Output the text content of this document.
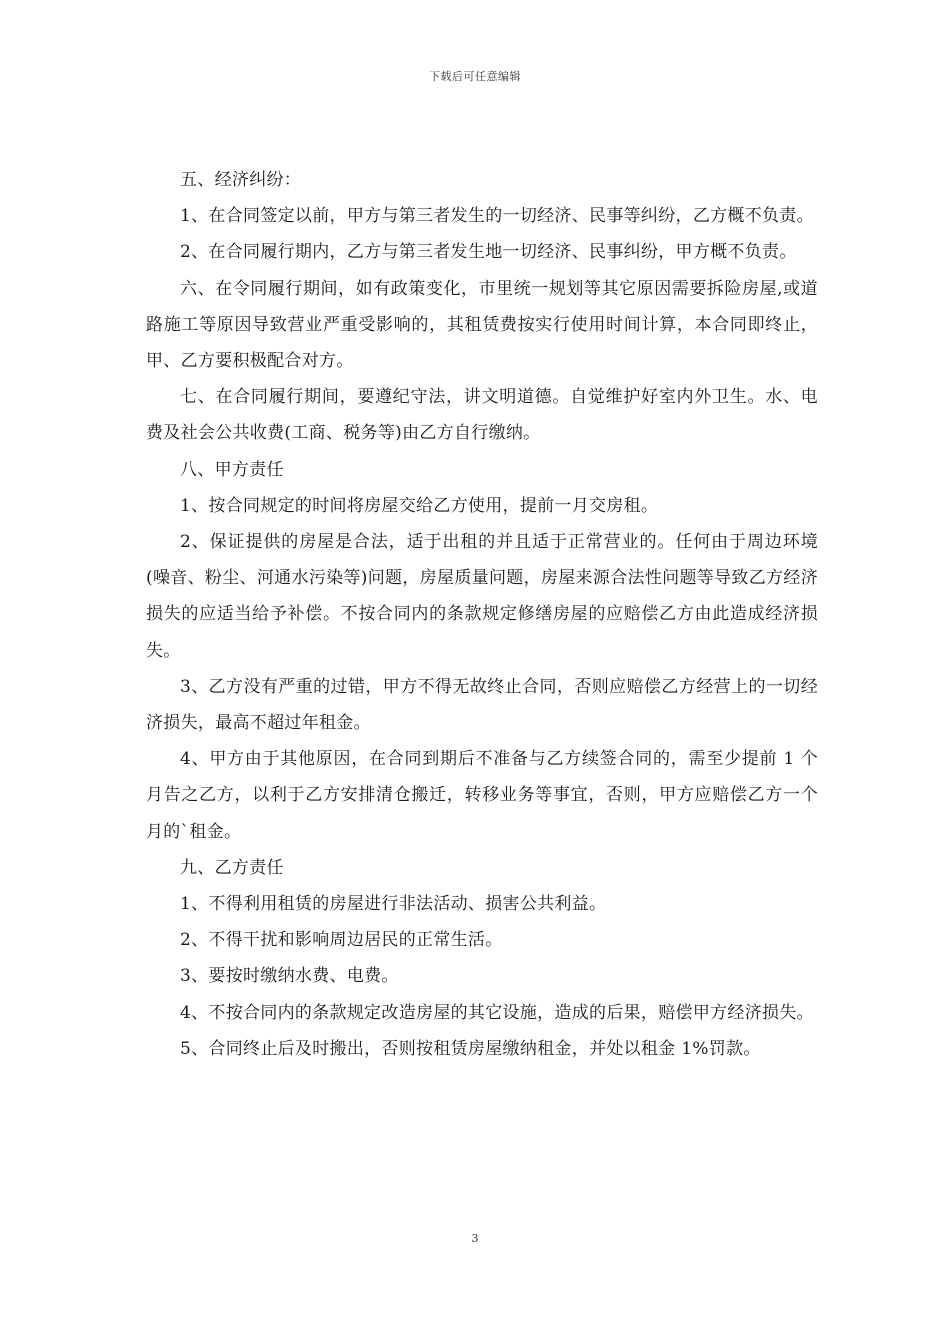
下载后可任意编辑

五、经济纠纷：

1、在合同签定以前，甲方与第三者发生的一切经济、民事等纠纷，乙方概不负责。

2、在合同履行期内，乙方与第三者发生地一切经济、民事纠纷，甲方概不负责。

六、在令同履行期间，如有政策变化，市里统一规划等其它原因需要拆险房屋,或道路施工等原因导致营业严重受影响的，其租赁费按实行使用时间计算，本合同即终止，甲、乙方要积极配合对方。

七、在合同履行期间，要遵纪守法，讲文明道德。自觉维护好室内外卫生。水、电费及社会公共收费(工商、税务等)由乙方自行缴纳。

八、甲方责任

1、按合同规定的时间将房屋交给乙方使用，提前一月交房租。

2、保证提供的房屋是合法，适于出租的并且适于正常营业的。任何由于周边环境(噪音、粉尘、河通水污染等)问题，房屋质量问题，房屋来源合法性问题等导致乙方经济损失的应适当给予补偿。不按合同内的条款规定修缮房屋的应赔偿乙方由此造成经济损失。

3、乙方没有严重的过错，甲方不得无故终止合同，否则应赔偿乙方经营上的一切经济损失，最高不超过年租金。

4、甲方由于其他原因，在合同到期后不准备与乙方续签合同的，需至少提前 1 个月告之乙方，以利于乙方安排清仓搬迁，转移业务等事宜，否则，甲方应赔偿乙方一个月的`租金。

九、乙方责任

1、不得利用租赁的房屋进行非法活动、损害公共利益。

2、不得干扰和影响周边居民的正常生活。

3、要按时缴纳水费、电费。

4、不按合同内的条款规定改造房屋的其它设施，造成的后果，赔偿甲方经济损失。

5、合同终止后及时搬出，否则按租赁房屋缴纳租金，并处以租金 1%罚款。

3
